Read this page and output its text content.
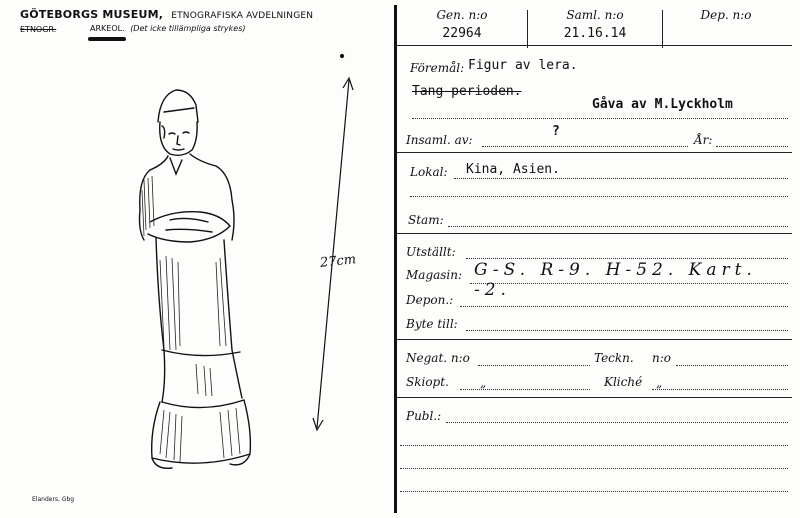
GÖTEBORGS MUSEUM, ETNOGRAFISKA AVDELNINGEN
ETNOGR.	ARKEOL. (Det icke tillämpliga strykes)
27cm
Elanders, Gbg
Gen. n:o
22964
Saml. n:o
21.16.14
Dep. n:o
Föremål: Figur av lera.
Tang-perioden.
Gåva av M.Lyckholm
Insaml. av:
?
År:
Lokal: Kina, Asien.
Stam:
Utställt:
Magasin: G-S. R-9. H-52. Kart. -2.
Depon.:
Byte till:
Negat. n:o	Teckn. n:o
Skiopt.	„	Kliché „
Publ.:
